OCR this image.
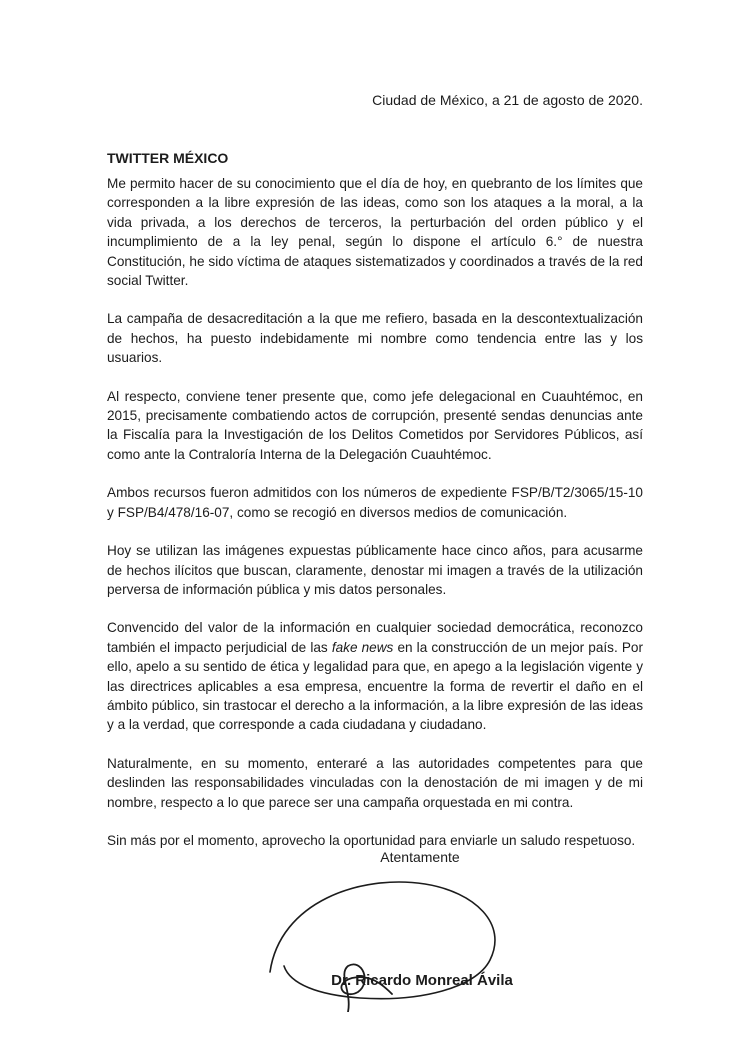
Ciudad de México, a 21 de agosto de 2020.
TWITTER MÉXICO

Me permito hacer de su conocimiento que el día de hoy, en quebranto de los límites que corresponden a la libre expresión de las ideas, como son los ataques a la moral, a la vida privada, a los derechos de terceros, la perturbación del orden público y el incumplimiento de a la ley penal, según lo dispone el artículo 6.° de nuestra Constitución, he sido víctima de ataques sistematizados y coordinados a través de la red social Twitter.

La campaña de desacreditación a la que me refiero, basada en la descontextualización de hechos, ha puesto indebidamente mi nombre como tendencia entre las y los usuarios.

Al respecto, conviene tener presente que, como jefe delegacional en Cuauhtémoc, en 2015, precisamente combatiendo actos de corrupción, presenté sendas denuncias ante la Fiscalía para la Investigación de los Delitos Cometidos por Servidores Públicos, así como ante la Contraloría Interna de la Delegación Cuauhtémoc.

Ambos recursos fueron admitidos con los números de expediente FSP/B/T2/3065/15-10 y FSP/B4/478/16-07, como se recogió en diversos medios de comunicación.

Hoy se utilizan las imágenes expuestas públicamente hace cinco años, para acusarme de hechos ilícitos que buscan, claramente, denostar mi imagen a través de la utilización perversa de información pública y mis datos personales.

Convencido del valor de la información en cualquier sociedad democrática, reconozco también el impacto perjudicial de las fake news en la construcción de un mejor país. Por ello, apelo a su sentido de ética y legalidad para que, en apego a la legislación vigente y las directrices aplicables a esa empresa, encuentre la forma de revertir el daño en el ámbito público, sin trastocar el derecho a la información, a la libre expresión de las ideas y a la verdad, que corresponde a cada ciudadana y ciudadano.

Naturalmente, en su momento, enteraré a las autoridades competentes para que deslinden las responsabilidades vinculadas con la denostación de mi imagen y de mi nombre, respecto a lo que parece ser una campaña orquestada en mi contra.

Sin más por el momento, aprovecho la oportunidad para enviarle un saludo respetuoso.

Atentamente
Dr. Ricardo Monreal Ávila
